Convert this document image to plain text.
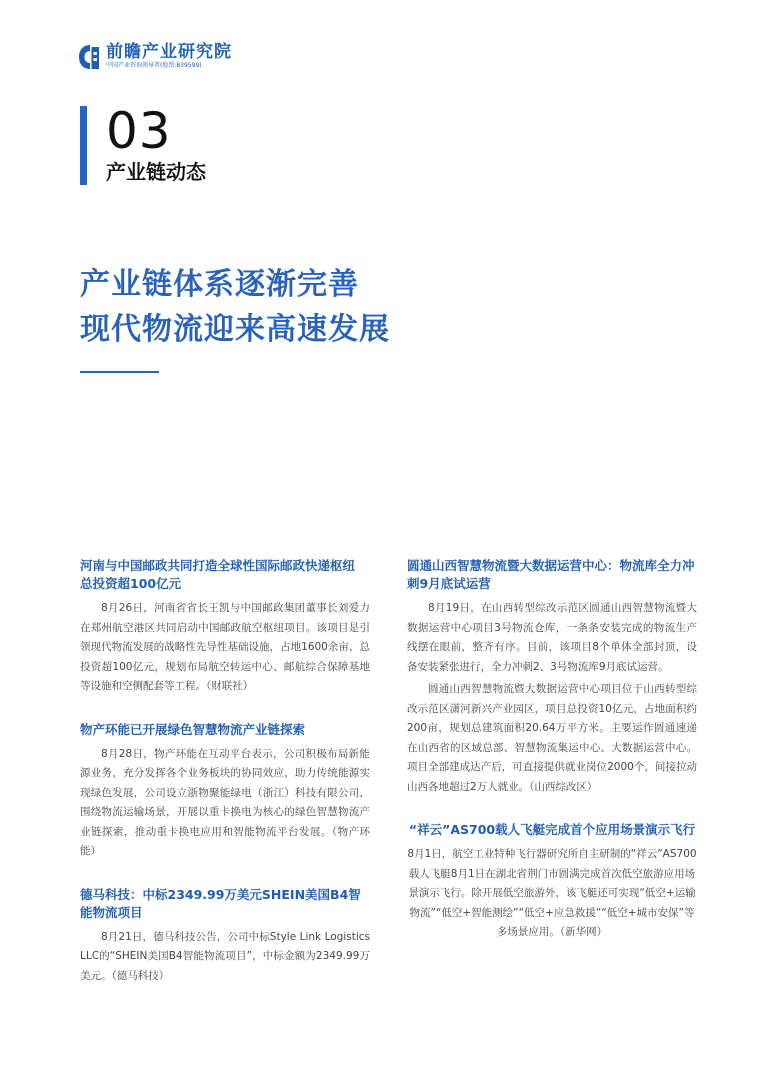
前瞻产业研究院
中国产业咨询领导者(股票:839599)
03
产业链动态
产业链体系逐渐完善
现代物流迎来高速发展

河南与中国邮政共同打造全球性国际邮政快递枢纽 总投资超100亿元

8月26日，河南省省长王凯与中国邮政集团董事长刘爱力在郑州航空港区共同启动中国邮政航空枢纽项目。该项目是引领现代物流发展的战略性先导性基础设施，占地1600余亩，总投资超100亿元，规划布局航空转运中心、邮航综合保障基地等设施和空侧配套等工程。（财联社）

物产环能已开展绿色智慧物流产业链探索

8月28日，物产环能在互动平台表示，公司积极布局新能源业务，充分发挥各个业务板块的协同效应，助力传统能源实现绿色发展，公司设立浙物聚能绿电（浙江）科技有限公司，围绕物流运输场景，开展以重卡换电为核心的绿色智慧物流产业链探索，推动重卡换电应用和智能物流平台发展。（物产环能）

德马科技：中标2349.99万美元SHEIN美国B4智能物流项目

8月21日，德马科技公告，公司中标Style Link Logistics LLC的“SHEIN美国B4智能物流项目”，中标金额为2349.99万美元。（德马科技）

圆通山西智慧物流暨大数据运营中心：物流库全力冲刺9月底试运营

8月19日，在山西转型综改示范区圆通山西智慧物流暨大数据运营中心项目3号物流仓库，一条条安装完成的物流生产线摆在眼前，整齐有序。目前，该项目8个单体全部封顶，设备安装紧张进行，全力冲刺2、3号物流库9月底试运营。

圆通山西智慧物流暨大数据运营中心项目位于山西转型综改示范区潇河新兴产业园区，项目总投资10亿元，占地面积约200亩，规划总建筑面积20.64万平方米。主要运作圆通速递在山西省的区域总部、智慧物流集运中心、大数据运营中心。项目全部建成达产后，可直接提供就业岗位2000个，间接拉动山西各地超过2万人就业。（山西综改区）

“祥云”AS700载人飞艇完成首个应用场景演示飞行

8月1日，航空工业特种飞行器研究所自主研制的“祥云”AS700载人飞艇8月1日在湖北省荆门市圆满完成首次低空旅游应用场景演示飞行。除开展低空旅游外，该飞艇还可实现“低空+运输物流”“低空+智能测绘”“低空+应急救援”“低空+城市安保”等多场景应用。（新华网）
